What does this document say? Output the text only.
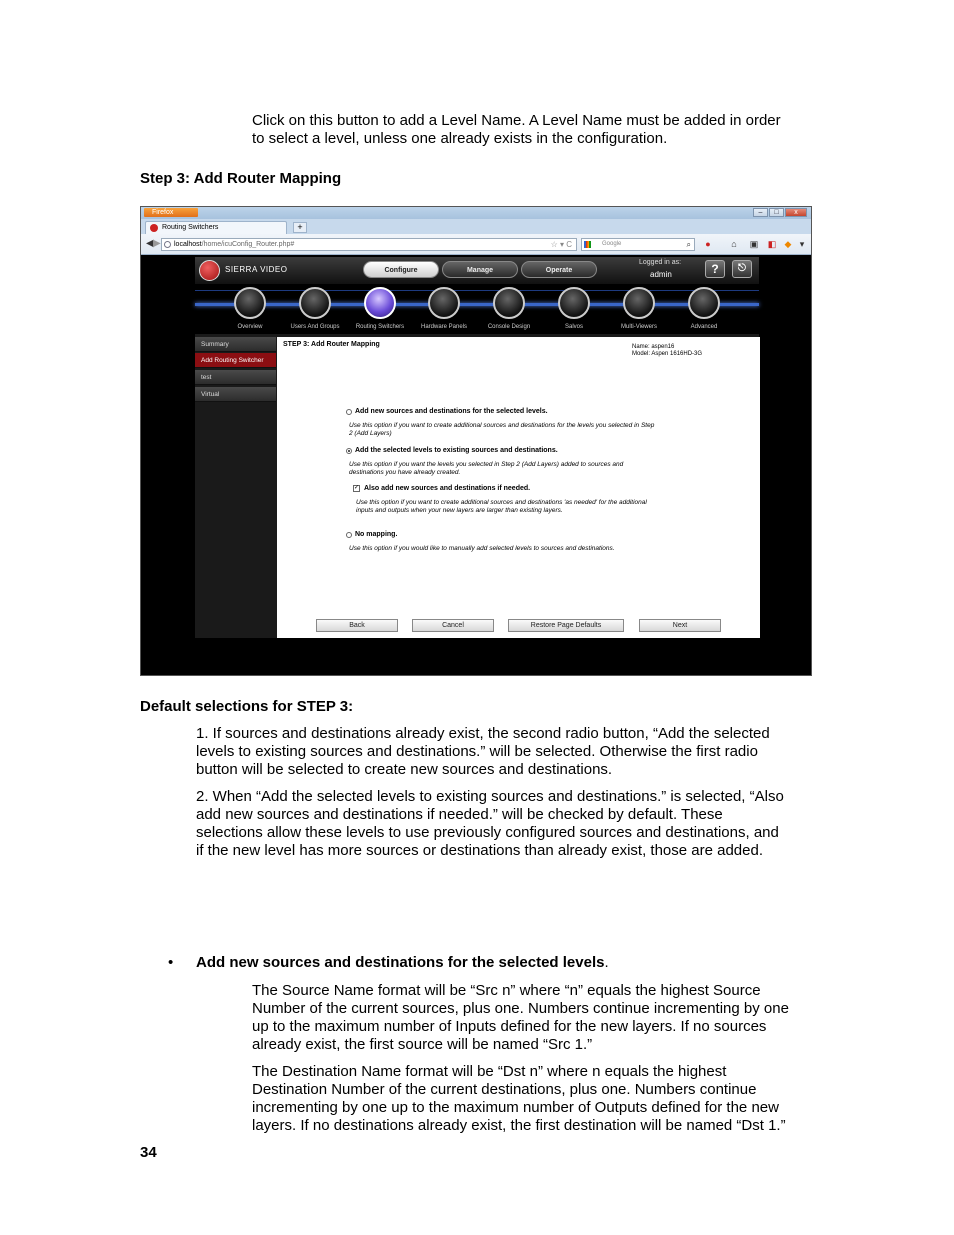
Click on this button to add a Level Name. A Level Name must be added in order

to select a level, unless one already exists in the configuration.

Step 3: Add Router Mapping

Firefox	–	□	x
Routing Switchers	+
◀ ▶	localhost/home/icuConfig_Router.php#	☆ ▾ C	Google	⌕ ● ⌂ ▣ ◧ ◆ ▾
SIERRA VIDEO	Configure	Manage	Operate
Logged in as:
admin	?	⎋
Overview	Users And Groups	Routing Switchers	Hardware Panels	Console Design	Salvos	Multi-Viewers	Advanced
Summary
Add Routing Switcher
test
Virtual

STEP 3: Add Router Mapping	Name: aspen16

Model: Aspen 1616HD-3G

Add new sources and destinations for the selected levels.

Use this option if you want to create additional sources and destinations for the levels you selected in Step

2 (Add Layers)

Add the selected levels to existing sources and destinations.

Use this option if you want the levels you selected in Step 2 (Add Layers) added to sources and

destinations you have already created.

✓ Also add new sources and destinations if needed.

Use this option if you want to create additional sources and destinations 'as needed' for the additional

inputs and outputs when your new layers are larger than existing layers.

No mapping.

Use this option if you would like to manually add selected levels to sources and destinations.

Back	Cancel	Restore Page Defaults	Next

Default selections for STEP 3:

1. If sources and destinations already exist, the second radio button, “Add the selected

levels to existing sources and destinations.” will be selected. Otherwise the first radio

button will be selected to create new sources and destinations.

2. When “Add the selected levels to existing sources and destinations.” is selected, “Also

add new sources and destinations if needed.” will be checked by default. These

selections allow these levels to use previously configured sources and destinations, and

if the new level has more sources or destinations than already exist, those are added.

• Add new sources and destinations for the selected levels.

The Source Name format will be “Src n” where “n” equals the highest Source

Number of the current sources, plus one. Numbers continue incrementing by one

up to the maximum number of Inputs defined for the new layers. If no sources

already exist, the first source will be named “Src 1.”

The Destination Name format will be “Dst n” where n equals the highest

Destination Number of the current destinations, plus one. Numbers continue

incrementing by one up to the maximum number of Outputs defined for the new

layers. If no destinations already exist, the first destination will be named “Dst 1.”

34
